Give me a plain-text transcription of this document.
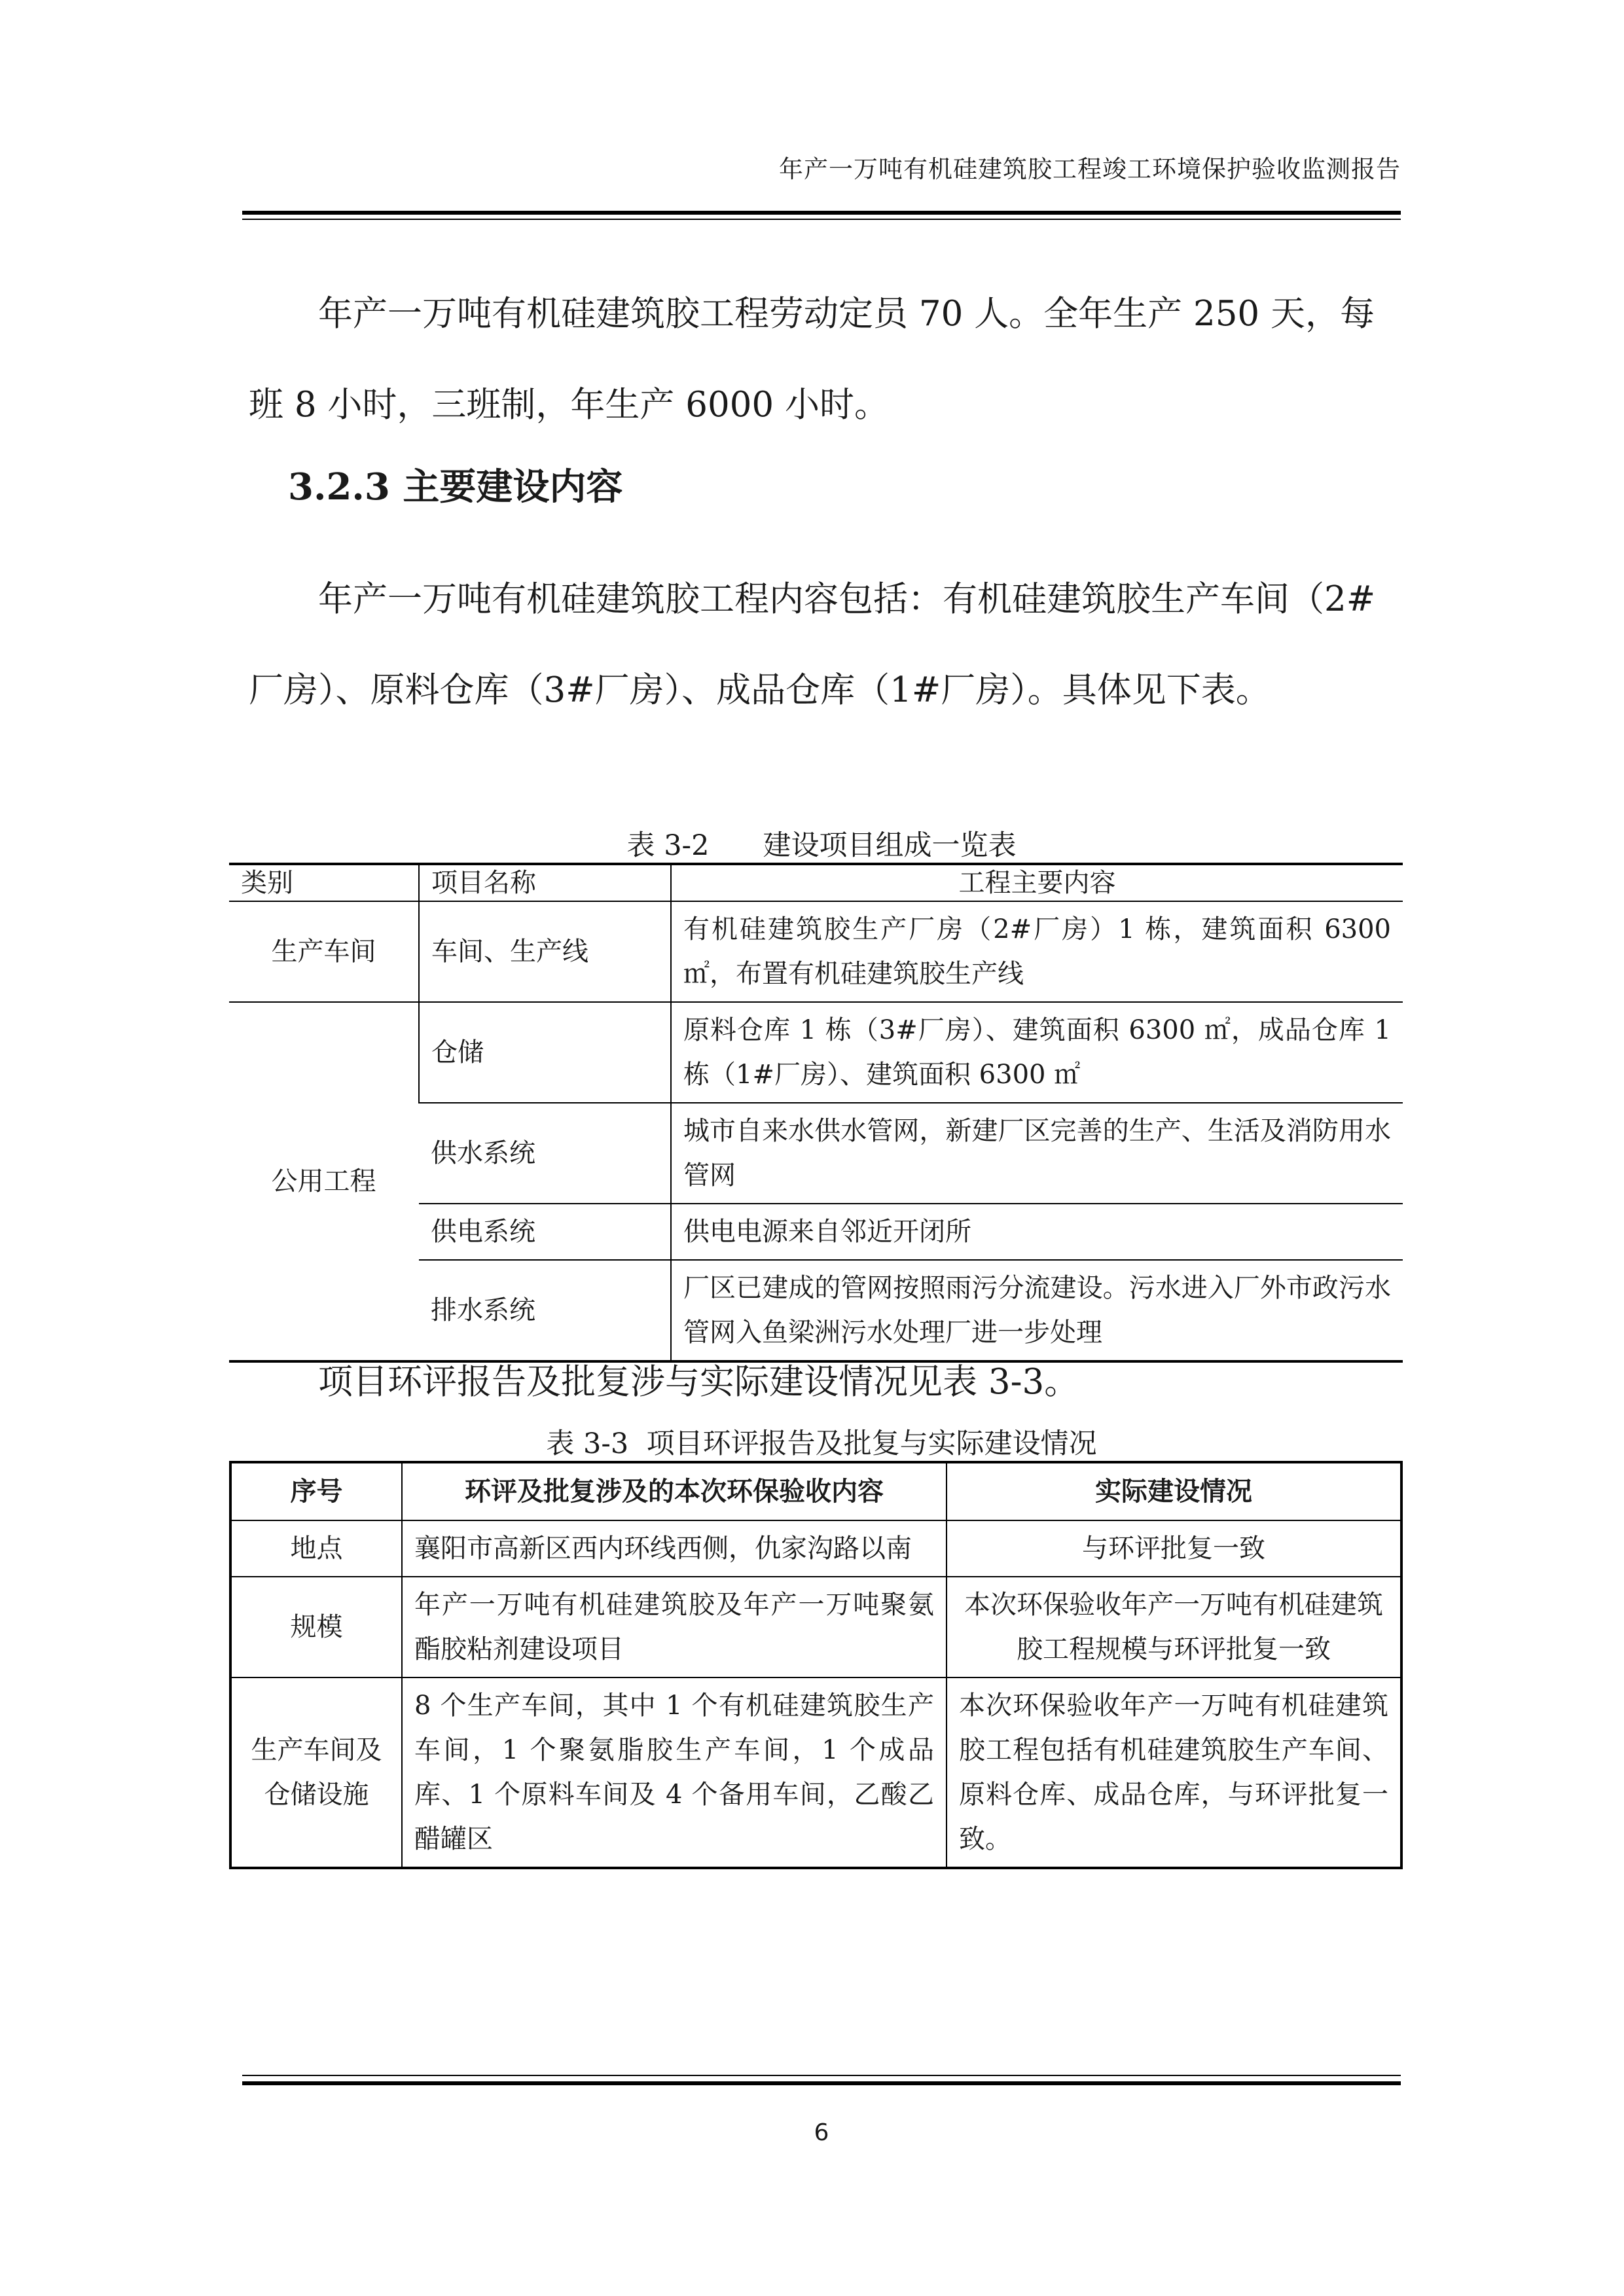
年产一万吨有机硅建筑胶工程竣工环境保护验收监测报告

年产一万吨有机硅建筑胶工程劳动定员 70 人。全年生产 250 天，每班 8 小时，三班制，年生产 6000 小时。

3.2.3 主要建设内容

年产一万吨有机硅建筑胶工程内容包括：有机硅建筑胶生产车间（2#厂房）、原料仓库（3#厂房）、成品仓库（1#厂房）。具体见下表。

表 3-2      建设项目组成一览表
类别	项目名称	工程主要内容
生产车间	车间、生产线	有机硅建筑胶生产厂房（2#厂房）1 栋，建筑面积 6300 ㎡，布置有机硅建筑胶生产线
公用工程	仓储	原料仓库 1 栋（3#厂房）、建筑面积 6300 ㎡，成品仓库 1 栋（1#厂房）、建筑面积 6300 ㎡
	供水系统	城市自来水供水管网，新建厂区完善的生产、生活及消防用水管网
	供电系统	供电电源来自邻近开闭所
	排水系统	厂区已建成的管网按照雨污分流建设。污水进入厂外市政污水管网入鱼梁洲污水处理厂进一步处理

项目环评报告及批复涉与实际建设情况见表 3-3。

表 3-3  项目环评报告及批复与实际建设情况
序号	环评及批复涉及的本次环保验收内容	实际建设情况
地点	襄阳市高新区西内环线西侧，仇家沟路以南	与环评批复一致
规模	年产一万吨有机硅建筑胶及年产一万吨聚氨酯胶粘剂建设项目	本次环保验收年产一万吨有机硅建筑胶工程规模与环评批复一致
生产车间及仓储设施	8 个生产车间，其中 1 个有机硅建筑胶生产车间，1 个聚氨脂胶生产车间，1 个成品库、1 个原料车间及 4 个备用车间，乙酸乙醋罐区	本次环保验收年产一万吨有机硅建筑胶工程包括有机硅建筑胶生产车间、原料仓库、成品仓库，与环评批复一致。
6
